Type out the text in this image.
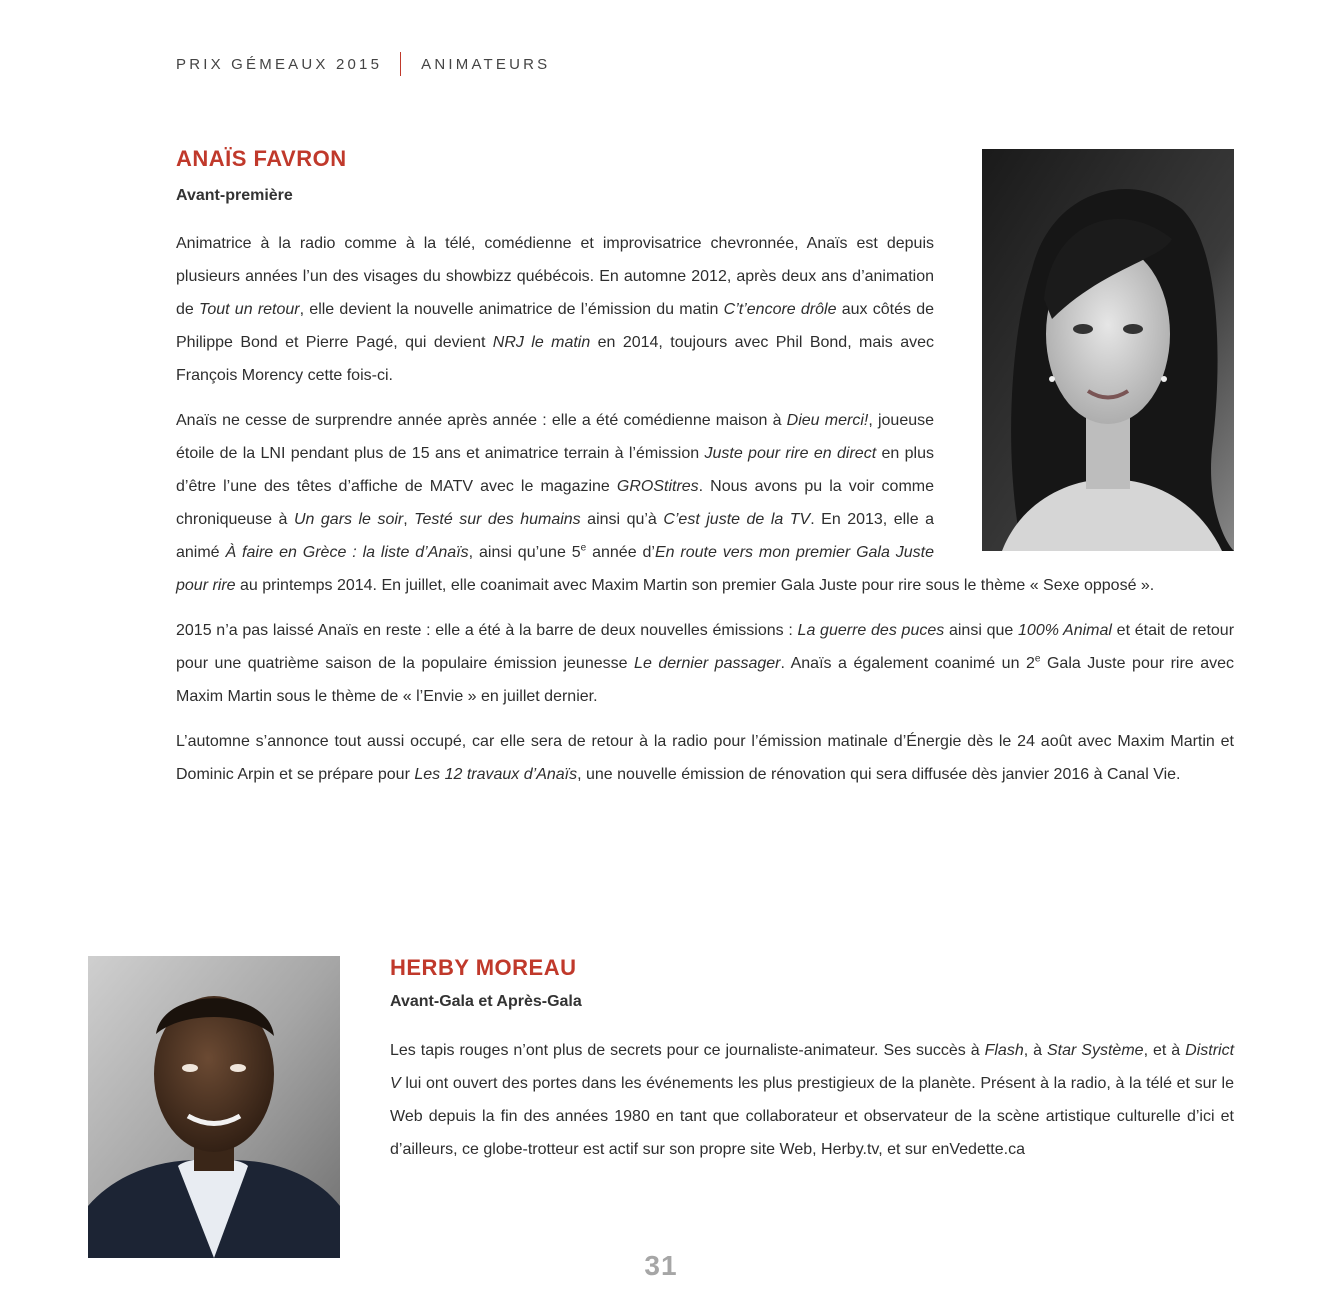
PRIX GÉMEAUX 2015	ANIMATEURS
ANAÏS FAVRON
Avant-première

Animatrice à la radio comme à la télé, comédienne et improvisatrice chevronnée, Anaïs est depuis plusieurs années l’un des visages du showbizz québécois. En automne 2012, après deux ans d’animation de Tout un retour, elle devient la nouvelle animatrice de l’émission du matin C’t’encore drôle aux côtés de Philippe Bond et Pierre Pagé, qui devient NRJ le matin en 2014, toujours avec Phil Bond, mais avec François Morency cette fois-ci.

Anaïs ne cesse de surprendre année après année : elle a été comédienne maison à Dieu merci!, joueuse étoile de la LNI pendant plus de 15 ans et animatrice terrain à l’émission Juste pour rire en direct en plus d’être l’une des têtes d’affiche de MATV avec le magazine GROStitres. Nous avons pu la voir comme chroniqueuse à Un gars le soir, Testé sur des humains ainsi qu’à C’est juste de la TV. En 2013, elle a animé À faire en Grèce : la liste d’Anaïs, ainsi qu’une 5e année d’En route vers mon premier Gala Juste pour rire au printemps 2014. En juillet, elle coanimait avec Maxim Martin son premier Gala Juste pour rire sous le thème « Sexe opposé ».

2015 n’a pas laissé Anaïs en reste : elle a été à la barre de deux nouvelles émissions : La guerre des puces ainsi que 100% Animal et était de retour pour une quatrième saison de la populaire émission jeunesse Le dernier passager. Anaïs a également coanimé un 2e Gala Juste pour rire avec Maxim Martin sous le thème de « l’Envie » en juillet dernier.

L’automne s’annonce tout aussi occupé, car elle sera de retour à la radio pour l’émission matinale d’Énergie dès le 24 août avec Maxim Martin et Dominic Arpin et se prépare pour Les 12 travaux d’Anaïs, une nouvelle émission de rénovation qui sera diffusée dès janvier 2016 à Canal Vie.

HERBY MOREAU
Avant-Gala et Après-Gala

Les tapis rouges n’ont plus de secrets pour ce journaliste-animateur. Ses succès à Flash, à Star Système, et à District V lui ont ouvert des portes dans les événements les plus prestigieux de la planète. Présent à la radio, à la télé et sur le Web depuis la fin des années 1980 en tant que collaborateur et observateur de la scène artistique culturelle d’ici et d’ailleurs, ce globe-trotteur est actif sur son propre site Web, Herby.tv, et sur enVedette.ca

31
